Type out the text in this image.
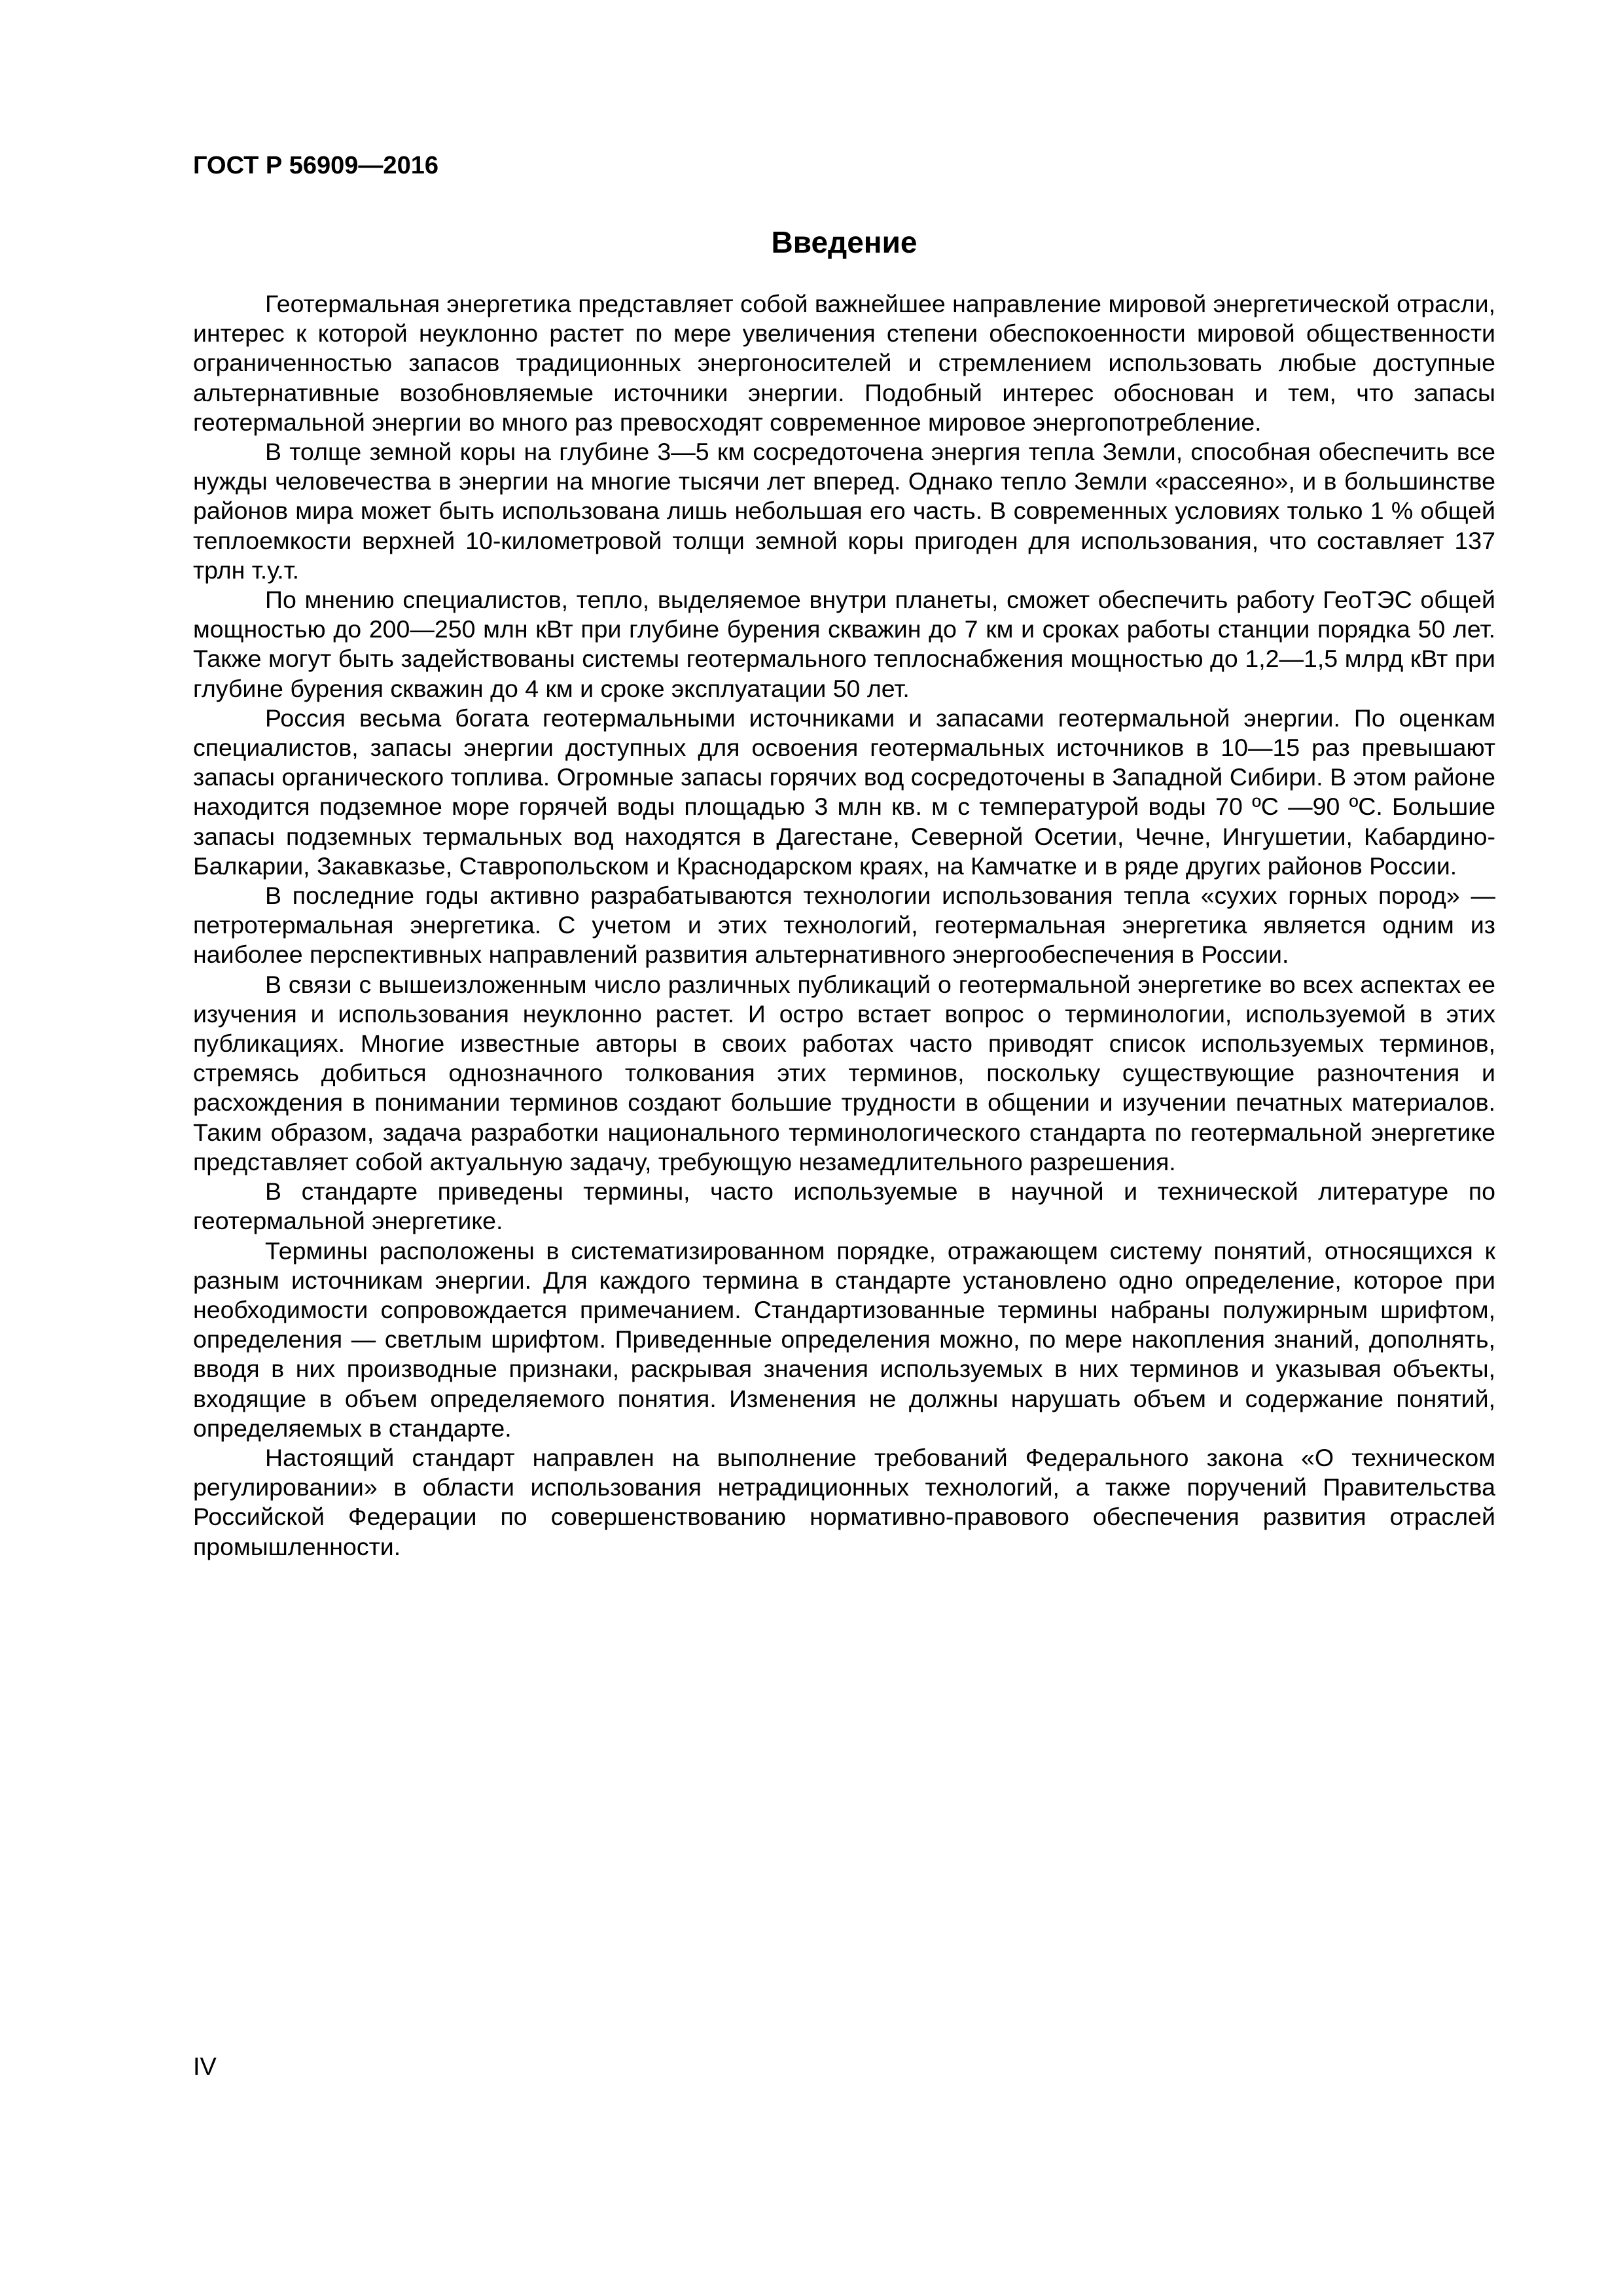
ГОСТ Р 56909—2016

Введение

Геотермальная энергетика представляет собой важнейшее направление мировой энергетической отрасли, интерес к которой неуклонно растет по мере увеличения степени обеспокоенности мировой общественности ограниченностью запасов традиционных энергоносителей и стремлением использовать любые доступные альтернативные возобновляемые источники энергии. Подобный интерес обоснован и тем, что запасы геотермальной энергии во много раз превосходят современное мировое энергопотребление.

В толще земной коры на глубине 3—5 км сосредоточена энергия тепла Земли, способная обеспечить все нужды человечества в энергии на многие тысячи лет вперед. Однако тепло Земли «рассеяно», и в большинстве районов мира может быть использована лишь небольшая его часть. В современных условиях только 1 % общей теплоемкости верхней 10-километровой толщи земной коры пригоден для использования, что составляет 137 трлн т.у.т.

По мнению специалистов, тепло, выделяемое внутри планеты, сможет обеспечить работу ГеоТЭС общей мощностью до 200—250 млн кВт при глубине бурения скважин до 7 км и сроках работы станции порядка 50 лет. Также могут быть задействованы системы геотермального теплоснабжения мощностью до 1,2—1,5 млрд кВт при глубине бурения скважин до 4 км и сроке эксплуатации 50 лет.

Россия весьма богата геотермальными источниками и запасами геотермальной энергии. По оценкам специалистов, запасы энергии доступных для освоения геотермальных источников в 10—15 раз превышают запасы органического топлива. Огромные запасы горячих вод сосредоточены в Западной Сибири. В этом районе находится подземное море горячей воды площадью 3 млн кв. м с температурой воды 70 ºС —90 ºС. Большие запасы подземных термальных вод находятся в Дагестане, Северной Осетии, Чечне, Ингушетии, Кабардино-Балкарии, Закавказье, Ставропольском и Краснодарском краях, на Камчатке и в ряде других районов России.

В последние годы активно разрабатываются технологии использования тепла «сухих горных пород» — петротермальная энергетика. С учетом и этих технологий, геотермальная энергетика является одним из наиболее перспективных направлений развития альтернативного энергообеспечения в России.

В связи с вышеизложенным число различных публикаций о геотермальной энергетике во всех аспектах ее изучения и использования неуклонно растет. И остро встает вопрос о терминологии, используемой в этих публикациях. Многие известные авторы в своих работах часто приводят список используемых терминов, стремясь добиться однозначного толкования этих терминов, поскольку существующие разночтения и расхождения в понимании терминов создают большие трудности в общении и изучении печатных материалов. Таким образом, задача разработки национального терминологического стандарта по геотермальной энергетике представляет собой актуальную задачу, требующую незамедлительного разрешения.

В стандарте приведены термины, часто используемые в научной и технической литературе по геотермальной энергетике.

Термины расположены в систематизированном порядке, отражающем систему понятий, относящихся к разным источникам энергии. Для каждого термина в стандарте установлено одно определение, которое при необходимости сопровождается примечанием. Стандартизованные термины набраны полужирным шрифтом, определения — светлым шрифтом. Приведенные определения можно, по мере накопления знаний, дополнять, вводя в них производные признаки, раскрывая значения используемых в них терминов и указывая объекты, входящие в объем определяемого понятия. Изменения не должны нарушать объем и содержание понятий, определяемых в стандарте.

Настоящий стандарт направлен на выполнение требований Федерального закона «О техническом регулировании» в области использования нетрадиционных технологий, а также поручений Правительства Российской Федерации по совершенствованию нормативно-правового обеспечения развития отраслей промышленности.

IV
